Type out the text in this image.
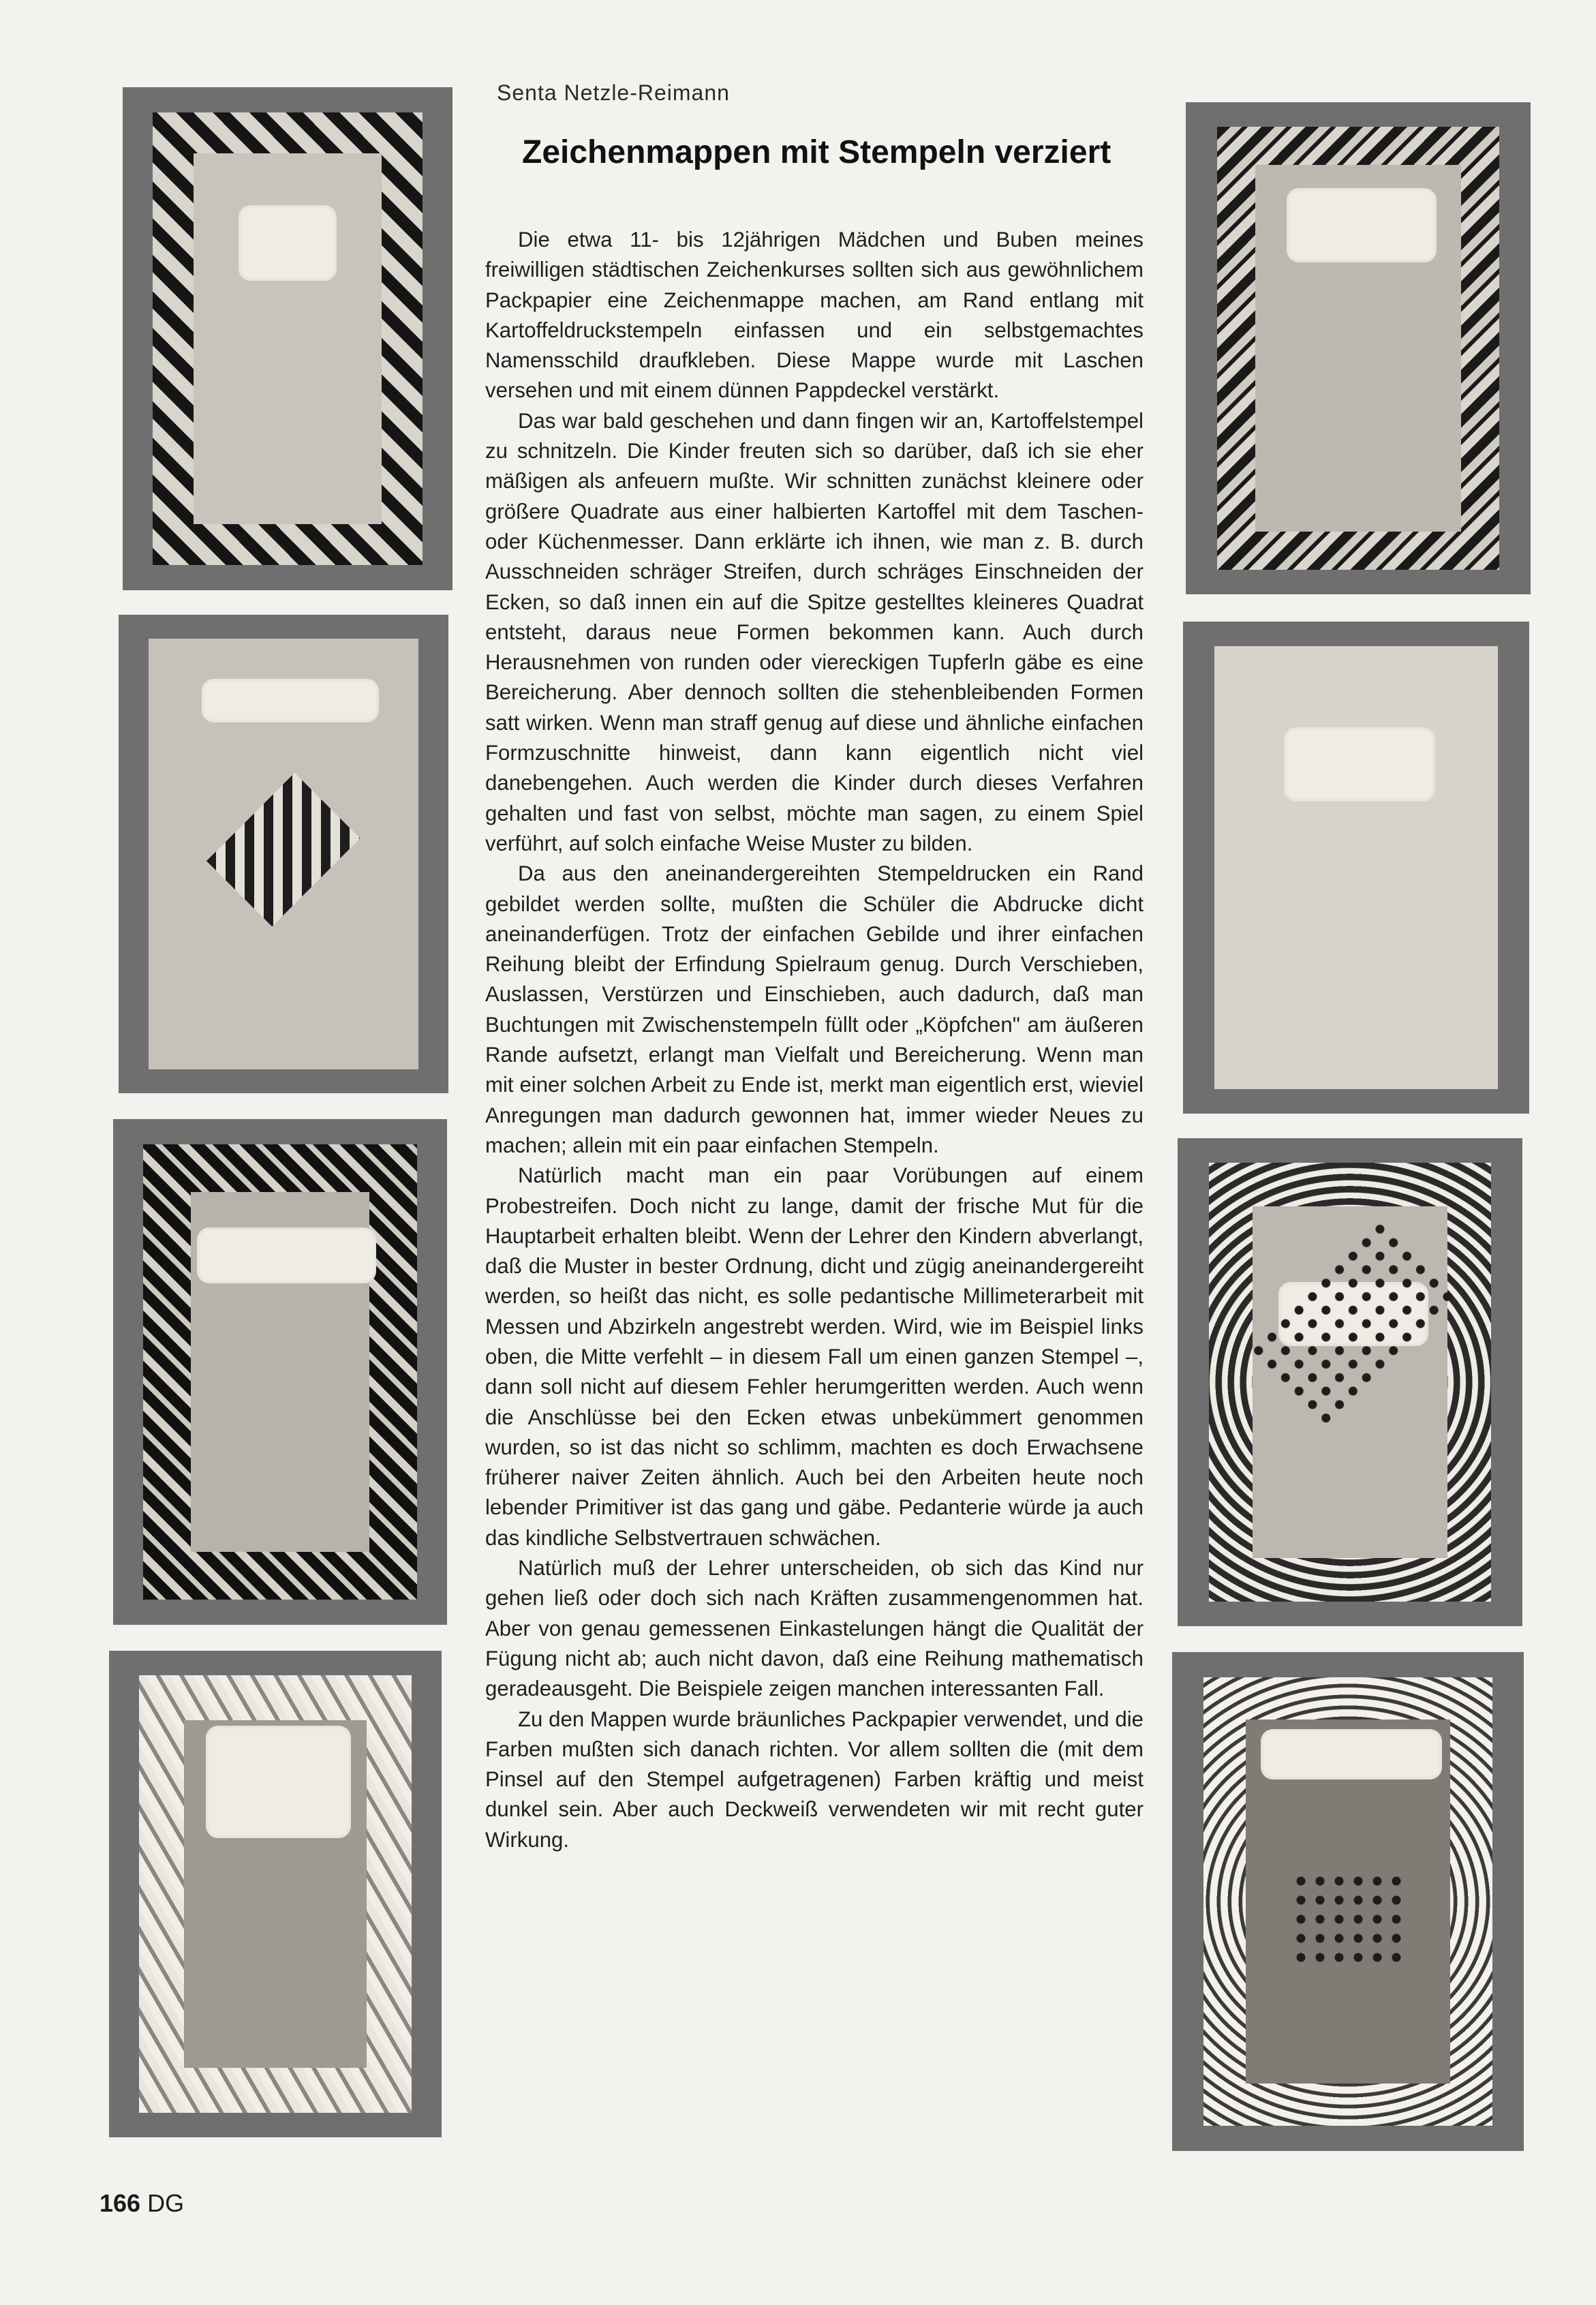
Senta Netzle-Reimann
Zeichenmappen mit Stempeln verziert

Die etwa 11- bis 12jährigen Mädchen und Buben meines freiwilligen städtischen Zeichenkurses sollten sich aus gewöhnlichem Packpapier eine Zeichenmappe machen, am Rand entlang mit Kartoffeldruckstempeln einfassen und ein selbstgemachtes Namensschild draufkleben. Diese Mappe wurde mit Laschen versehen und mit einem dünnen Pappdeckel verstärkt.

Das war bald geschehen und dann fingen wir an, Kartoffelstempel zu schnitzeln. Die Kinder freuten sich so darüber, daß ich sie eher mäßigen als anfeuern mußte. Wir schnitten zunächst kleinere oder größere Quadrate aus einer halbierten Kartoffel mit dem Taschen- oder Küchenmesser. Dann erklärte ich ihnen, wie man z. B. durch Ausschneiden schräger Streifen, durch schräges Einschneiden der Ecken, so daß innen ein auf die Spitze gestelltes kleineres Quadrat entsteht, daraus neue Formen bekommen kann. Auch durch Herausnehmen von runden oder viereckigen Tupferln gäbe es eine Bereicherung. Aber dennoch sollten die stehenbleibenden Formen satt wirken. Wenn man straff genug auf diese und ähnliche einfachen Formzuschnitte hinweist, dann kann eigentlich nicht viel danebengehen. Auch werden die Kinder durch dieses Verfahren gehalten und fast von selbst, möchte man sagen, zu einem Spiel verführt, auf solch einfache Weise Muster zu bilden.

Da aus den aneinandergereihten Stempeldrucken ein Rand gebildet werden sollte, mußten die Schüler die Abdrucke dicht aneinanderfügen. Trotz der einfachen Gebilde und ihrer einfachen Reihung bleibt der Erfindung Spielraum genug. Durch Verschieben, Auslassen, Verstürzen und Einschieben, auch dadurch, daß man Buchtungen mit Zwischenstempeln füllt oder „Köpfchen" am äußeren Rande aufsetzt, erlangt man Vielfalt und Bereicherung. Wenn man mit einer solchen Arbeit zu Ende ist, merkt man eigentlich erst, wieviel Anregungen man dadurch gewonnen hat, immer wieder Neues zu machen; allein mit ein paar einfachen Stempeln.

Natürlich macht man ein paar Vorübungen auf einem Probestreifen. Doch nicht zu lange, damit der frische Mut für die Hauptarbeit erhalten bleibt. Wenn der Lehrer den Kindern abverlangt, daß die Muster in bester Ordnung, dicht und zügig aneinandergereiht werden, so heißt das nicht, es solle pedantische Millimeterarbeit mit Messen und Abzirkeln angestrebt werden. Wird, wie im Beispiel links oben, die Mitte verfehlt – in diesem Fall um einen ganzen Stempel –, dann soll nicht auf diesem Fehler herumgeritten werden. Auch wenn die Anschlüsse bei den Ecken etwas unbekümmert genommen wurden, so ist das nicht so schlimm, machten es doch Erwachsene früherer naiver Zeiten ähnlich. Auch bei den Arbeiten heute noch lebender Primitiver ist das gang und gäbe. Pedanterie würde ja auch das kindliche Selbstvertrauen schwächen.

Natürlich muß der Lehrer unterscheiden, ob sich das Kind nur gehen ließ oder doch sich nach Kräften zusammengenommen hat. Aber von genau gemessenen Einkastelungen hängt die Qualität der Fügung nicht ab; auch nicht davon, daß eine Reihung mathematisch geradeausgeht. Die Beispiele zeigen manchen interessanten Fall.

Zu den Mappen wurde bräunliches Packpapier verwendet, und die Farben mußten sich danach richten. Vor allem sollten die (mit dem Pinsel auf den Stempel aufgetragenen) Farben kräftig und meist dunkel sein. Aber auch Deckweiß verwendeten wir mit recht guter Wirkung.

166 DG
